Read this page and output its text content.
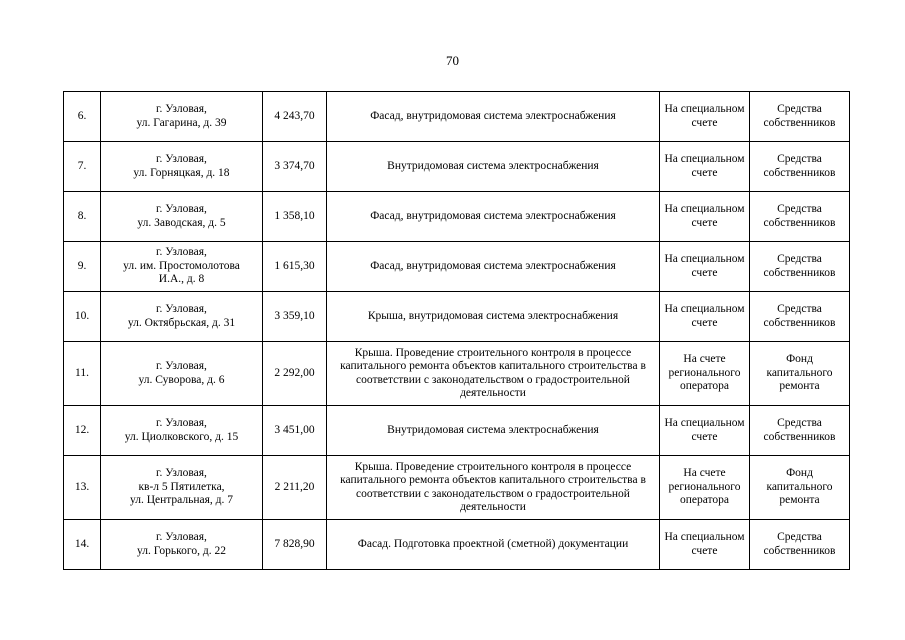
70
6.	г. Узловая,
ул. Гагарина, д. 39	4 243,70	Фасад, внутридомовая система электроснабжения	На специальном счете	Средства собственников
7.	г. Узловая,
ул. Горняцкая, д. 18	3 374,70	Внутридомовая система электроснабжения	На специальном счете	Средства собственников
8.	г. Узловая,
ул. Заводская, д. 5	1 358,10	Фасад, внутридомовая система электроснабжения	На специальном счете	Средства собственников
9.	г. Узловая,
ул. им. Простомолотова
И.А., д. 8	1 615,30	Фасад, внутридомовая система электроснабжения	На специальном счете	Средства собственников
10.	г. Узловая,
ул. Октябрьская, д. 31	3 359,10	Крыша, внутридомовая система электроснабжения	На специальном счете	Средства собственников
11.	г. Узловая,
ул. Суворова, д. 6	2 292,00	Крыша. Проведение строительного контроля в процессе капитального ремонта объектов капитального строительства в соответствии с законодательством о градостроительной деятельности	На счете регионального оператора	Фонд капитального ремонта
12.	г. Узловая,
ул. Циолковского, д. 15	3 451,00	Внутридомовая система электроснабжения	На специальном счете	Средства собственников
13.	г. Узловая,
кв-л 5 Пятилетка,
ул. Центральная, д. 7	2 211,20	Крыша. Проведение строительного контроля в процессе капитального ремонта объектов капитального строительства в соответствии с законодательством о градостроительной деятельности	На счете регионального оператора	Фонд капитального ремонта
14.	г. Узловая,
ул. Горького, д. 22	7 828,90	Фасад. Подготовка проектной (сметной) документации	На специальном счете	Средства собственников
